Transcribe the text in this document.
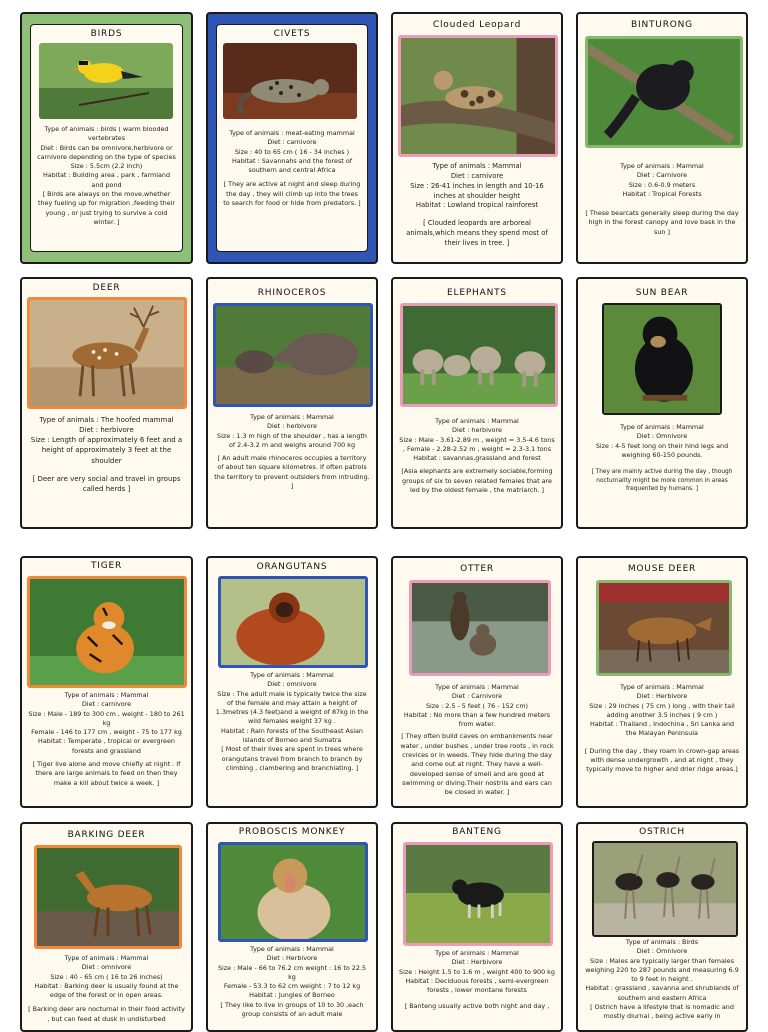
BIRDS
Type of animals : birds ( warm blooded vertebrates
Diet : Birds can be omnivore,herbivore or carnivore depending on the type of species
Size : 5.5cm (2.2 inch)
Habitat : Building area , park , farmland and pond
[ Birds are always on the move,whether they fueling up for migration ,feeding their young , or just trying to survive a cold winter. ]
CIVETS
Type of animals : meat-eating mammal
Diet : carnivore
Size : 40 to 65 cm ( 16 - 34 inches )
Habitat : Savannahs and the forest of southern and central Africa
[ They are active at night and sleep during the day , they will climb up into the trees to search for food or hide from predators. ]
Clouded Leopard
Type of animals : Mammal
Diet : carnivore
Size : 26-41 inches in length and 10-16 inches at shoulder height
Habitat : Lowland tropical rainforest
[ Clouded leopards are arboreal animals,which means they spend most of their lives in tree. ]
BINTURONG
Type of animals : Mammal
Diet : Carnivore
Size : 0.6-0.9 meters
Habitat : Tropical Forests
[ These bearcats generally sleep during the day high in the forest canopy and love bask in the sun ]
DEER
Type of animals : The hoofed mammal
Diet : herbivore
Size : Length of approximately 6 feet and a height of approximately 3 feet at the shoulder
[ Deer are very social and travel in groups called herds ]
RHINOCEROS
Type of animals : Mammal
Diet : herbivore
Size : 1.3 m high of the shoulder , has a length of 2.4-3.2 m and weighs around 700 kg
[ An adult male rhinoceros occupies a territory of about ten square kilometres. If often patrols the territory to prevent outsiders from intruding. ]
ELEPHANTS
Type of animals : Mammal
Diet : herbivore
Size : Male - 3.61-2.89 m , weight = 3.5-4.6 tons , Female - 2.28-2.52 m , weight = 2.3-3.1 tons
Habitat : savannas,grassland and forest
[Asia elephants are extremely sociable,forming groups of six to seven related females that are led by the oldest female , the matriarch. ]
SUN BEAR
Type of animals : Mammal
Diet : Omnivore
Size : 4-5 feet long on their hind legs and weighing 60-150 pounds.
[ They are mainly active during the day , though nocturnality might be more common in areas frequented by humans. ]
TIGER
Type of animals : Mammal
Diet : carnivore
Size : Male - 189 to 300 cm , weight - 180 to 261 kg
Female - 146 to 177 cm , weight - 75 to 177 kg
Habitat : Temperate , tropical or evergreen forests and grassland
[ Tiger live alone and move chiefly at night . If there are large animals to feed on then they make a kill about twice a week. ]
ORANGUTANS
Type of animals : Mammal
Diet : omnivore
Size : The adult male is typically twice the size of the female and may attain a height of 1.3metres (4.3 feet)and a weight of 87kg in the wild females weight 37 kg .
Habitat : Rain forests of the Southeast Asian islands of Borneo and Sumatra
[ Most of their lives are spent in trees where orangutans travel from branch to branch by climbing , clambering and branchiating. ]
OTTER
Type of animals : Mammal
Diet : Carnivore
Size : 2.5 - 5 feet ( 76 - 152 cm)
Habitat : No more than a few hundred meters from water.
[ They often build caves on embankments near water , under bushes , under tree roots , in rock crevices or in weeds. They hide during the day and come out at night. They have a well-developed sense of smell and are good at swimming or diving.Their nostrils and ears can be closed in water. ]
MOUSE DEER
Type of animals : Mammal
Diet : Herbivore
Size : 29 inches ( 75 cm ) long , with their tail adding another 3.5 inches ( 9 cm )
Habitat : Thailand , Indochina , Sri Lanka and the Malayan Peninsula
[ During the day , they roam in crown-gap areas with dense undergrowth , and at night , they typically move to higher and drier ridge areas.]
BARKING DEER
Type of animals : Mammal
Diet : omnivore
Size : 40 - 65 cm ( 16 to 26 inches)
Habitat : Barking deer is usually found at the edge of the forest or in open areas.
[ Barking deer are nocturnal in their food activity , but can feed at dusk in undisturbed
PROBOSCIS MONKEY
Type of animals : Mammal
Diet : Herbivore
Size : Male - 66 to 76.2 cm weight : 16 to 22.5 kg
Female - 53.3 to 62 cm weight : 7 to 12 kg
Habitat : Jungles of Borneo
[ They like to live in groups of 10 to 30 ,each group consists of an adult male
BANTENG
Type of animals : Mammal
Diet : Herbivore
Size : Height 1.5 to 1.6 m , weight 400 to 900 kg
Habitat : Deciduous forests , semi-evergreen forests , lower montane forests
[ Banteng usually active both night and day ,
OSTRICH
Type of animals : Birds
Diet : Omnivore
Size : Males are typically larger than females weighing 220 to 287 pounds and measuring 6.9 to 9 feet in height .
Habitat : grassland , savanna and shrublands of southern and eastern Africa
[ Ostrich have a lifestyle that is nomadic and mostly diurnal , being active early in
